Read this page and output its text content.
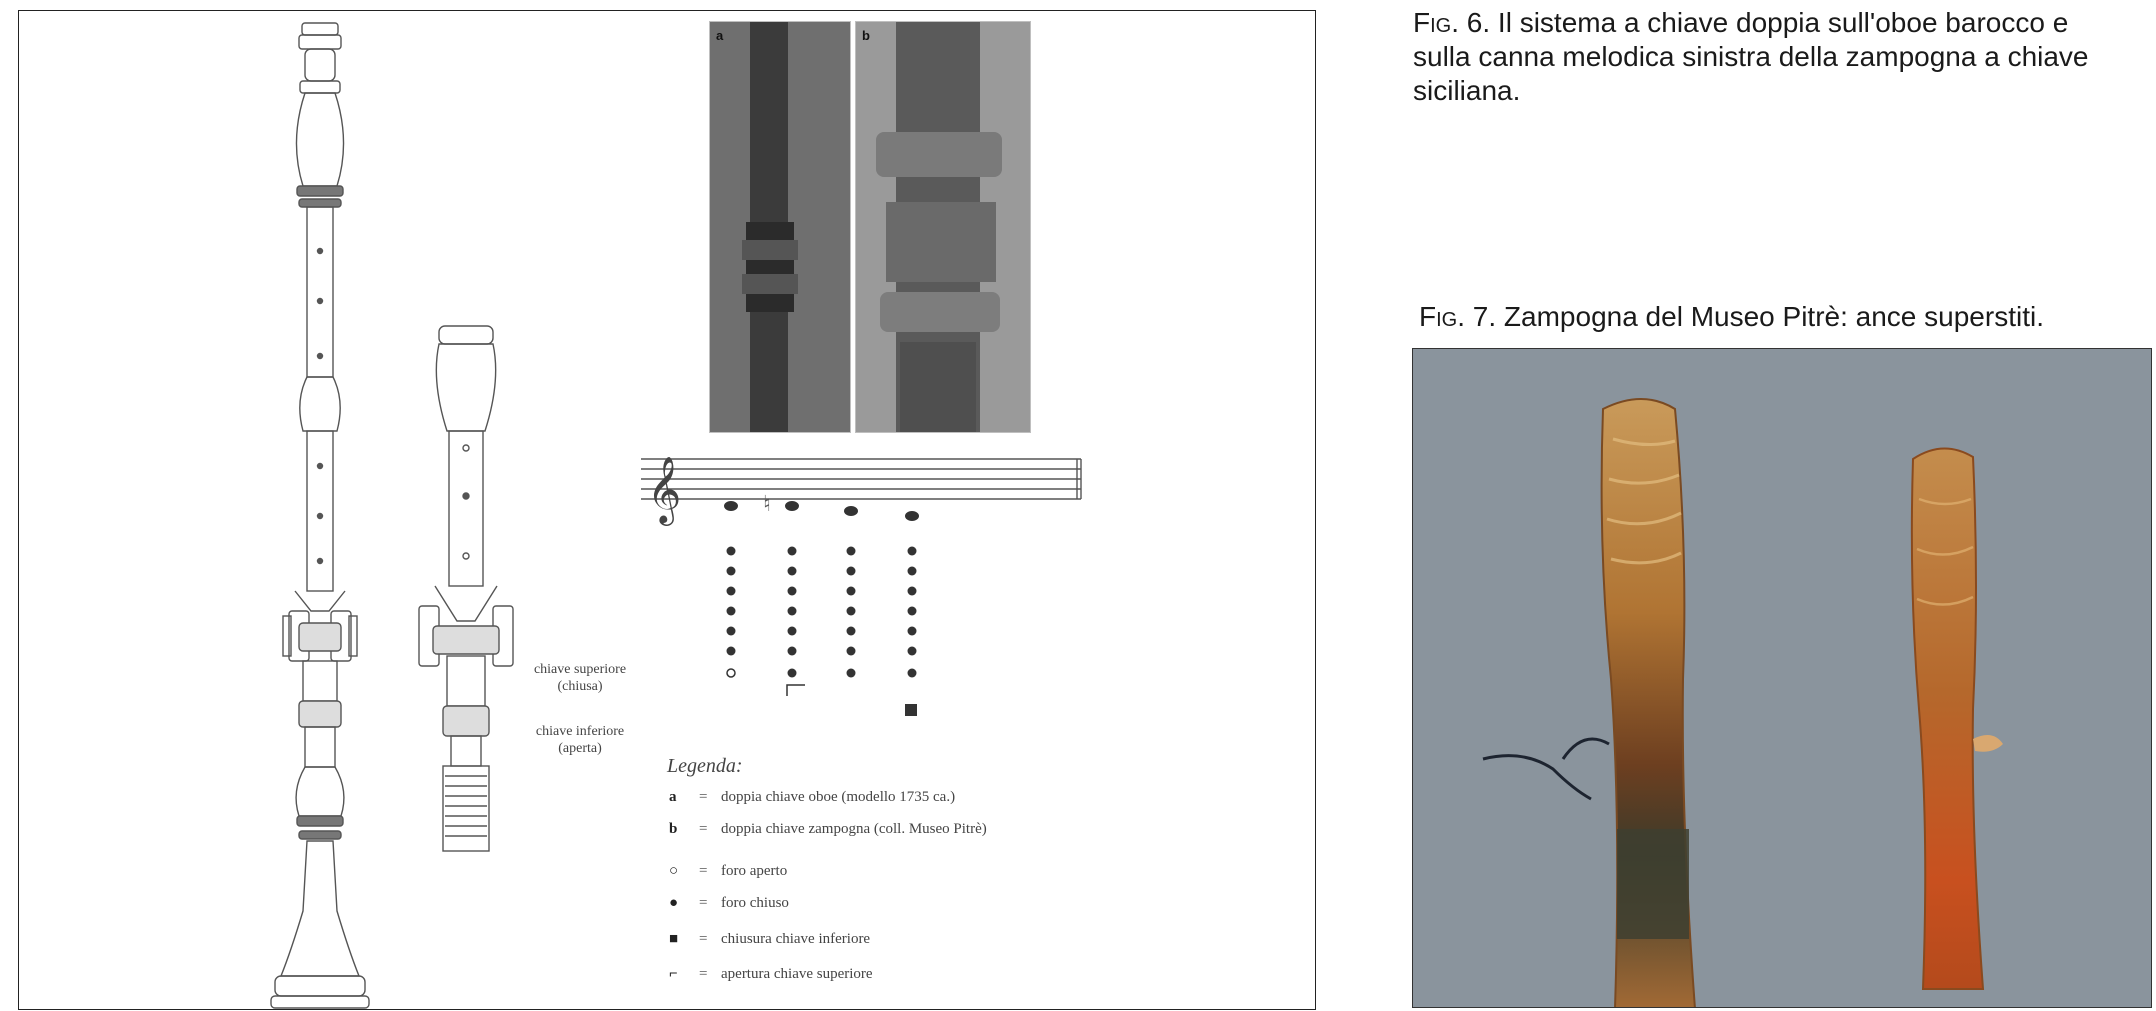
𝄞	♮
a	b
chiave superiore
(chiusa)
chiave inferiore
(aperta)
Legenda:
a = doppia chiave oboe (modello 1735 ca.)
b = doppia chiave zampogna (coll. Museo Pitrè)
○ = foro aperto
● = foro chiuso
■ = chiusura chiave inferiore
⌐ = apertura chiave superiore
Fig. 6. Il sistema a chiave doppia sull'oboe barocco e sulla canna melodica sinistra della zampogna a chiave siciliana.
Fig. 7. Zampogna del Museo Pitrè: ance superstiti.
